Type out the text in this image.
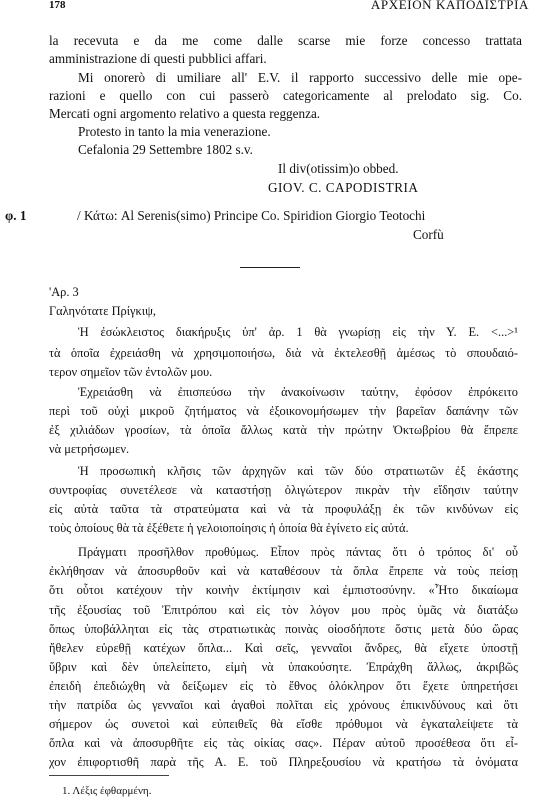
178	ΑΡΧΕΙΟΝ ΚΑΠΟΔΙΣΤΡΙΑ
la recevuta e da me come dalle scarse mie forze concesso trattata
amministrazione di questi pubblici affari.
Mi onorerò di umiliare all' E.V. il rapporto successivo delle mie ope-
razioni e quello con cui passerò categoricamente al prelodato sig. Co.
Mercati ogni argomento relativo a questa reggenza.
Protesto in tanto la mia venerazione.
Cefalonia 29 Settembre 1802 s.v.
Il div(otissim)o obbed.
GIOV. C. CAPODISTRIA
φ. 1	/ Κάτω: Al Serenis(simo) Principe Co. Spiridion Giorgio Teotochi
Corfù
'Αρ. 3
Γαληνότατε Πρίγκιψ,
Ἡ ἐσώκλειστος διακήρυξις ὑπ' ἀρ. 1 θὰ γνωρίσῃ εἰς τὴν Υ. Ε. <...>¹
τὰ ὁποῖα ἐχρειάσθη νὰ χρησιμοποιήσω, διὰ νὰ ἐκτελεσθῇ ἀμέσως τὸ σπουδαιό-
τερον σημεῖον τῶν ἐντολῶν μου.
Ἐχρειάσθη νὰ ἐπισπεύσω τὴν ἀνακοίνωσιν ταύτην, ἐφόσον ἐπρόκειτο
περὶ τοῦ οὐχὶ μικροῦ ζητήματος νὰ ἐξοικονομήσωμεν τὴν βαρεῖαν δαπάνην τῶν
ἐξ χιλιάδων γροσίων, τὰ ὁποῖα ἄλλως κατὰ τὴν πρώτην Ὀκτωβρίου θὰ ἔπρεπε
νὰ μετρήσωμεν.
Ἡ προσωπικὴ κλῆσις τῶν ἀρχηγῶν καὶ τῶν δύο στρατιωτῶν ἐξ ἑκάστης
συντροφίας συνετέλεσε νὰ καταστήσῃ ὀλιγώτερον πικρὰν τὴν εἴδησιν ταύτην
εἰς αὐτὰ ταῦτα τὰ στρατεύματα καὶ νὰ τὰ προφυλάξῃ ἐκ τῶν κινδύνων εἰς
τοὺς ὁποίους θὰ τὰ ἐξέθετε ἡ γελοιοποίησις ἡ ὁποία θὰ ἐγίνετο εἰς αὐτά.
Πράγματι προσῆλθον προθύμως. Εἶπον πρὸς πάντας ὅτι ὁ τρόπος δι' οὗ
ἐκλήθησαν νὰ ἀποσυρθοῦν καὶ νὰ καταθέσουν τὰ ὅπλα ἔπρεπε νὰ τοὺς πείσῃ
ὅτι οὗτοι κατέχουν τὴν κοινὴν ἐκτίμησιν καὶ ἐμπιστοσύνην. «Ἦτο δικαίωμα
τῆς ἐξουσίας τοῦ Ἐπιτρόπου καὶ εἰς τὸν λόγον μου πρὸς ὑμᾶς νὰ διατάξω
ὅπως ὑποβάλληται εἰς τὰς στρατιωτικὰς ποινὰς οἱοσδήποτε ὅστις μετὰ δύο ὥρας
ἤθελεν εὑρεθῇ κατέχων ὅπλα... Καὶ σεῖς, γενναῖοι ἄνδρες, θὰ εἴχετε ὑποστῇ
ὕβριν καὶ δὲν ὑπελείπετο, εἰμὴ νὰ ὑπακούσητε. Ἐπράχθη ἄλλως, ἀκριβῶς
ἐπειδὴ ἐπεδιώχθη νὰ δείξωμεν εἰς τὸ ἔθνος ὁλόκληρον ὅτι ἔχετε ὑπηρετήσει
τὴν πατρίδα ὡς γενναῖοι καὶ ἀγαθοὶ πολῖται εἰς χρόνους ἐπικινδύνους καὶ ὅτι
σήμερον ὡς συνετοὶ καὶ εὐπειθεῖς θὰ εἴσθε πρόθυμοι νὰ ἐγκαταλείψετε τὰ
ὅπλα καὶ νὰ ἀποσυρθῆτε εἰς τὰς οἰκίας σας». Πέραν αὐτοῦ προσέθεσα ὅτι εἶ-
χον ἐπιφορτισθῆ παρὰ τῆς Α. Ε. τοῦ Πληρεξουσίου νὰ κρατήσω τὰ ὀνόματα
1. Λέξις ἐφθαρμένη.
